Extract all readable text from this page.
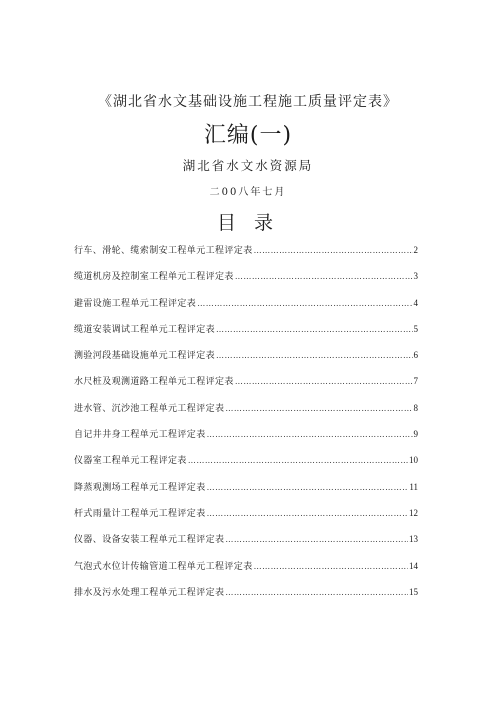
《湖北省水文基础设施工程施工质量评定表》
汇编(一)
湖北省水文水资源局
二00八年七月
目 录
行车、滑轮、缆索制安工程单元工程评定表 ……………………………………………………………………………………………………………………………………………	2
缆道机房及控制室工程单元工程评定表 ……………………………………………………………………………………………………………………………………………	3
避雷设施工程单元工程评定表 ……………………………………………………………………………………………………………………………………………	4
缆道安装调试工程单元工程评定表 ……………………………………………………………………………………………………………………………………………	5
测验河段基础设施单元工程评定表 ……………………………………………………………………………………………………………………………………………	6
水尺桩及观测道路工程单元工程评定表 ……………………………………………………………………………………………………………………………………………	7
进水管、沉沙池工程单元工程评定表 ……………………………………………………………………………………………………………………………………………	8
自记井井身工程单元工程评定表 ……………………………………………………………………………………………………………………………………………	9
仪器室工程单元工程评定表 ……………………………………………………………………………………………………………………………………………	10
降蒸观测场工程单元工程评定表 ……………………………………………………………………………………………………………………………………………	11
杆式雨量计工程单元工程评定表 ……………………………………………………………………………………………………………………………………………	12
仪器、设备安装工程单元工程评定表 ……………………………………………………………………………………………………………………………………………	13
气泡式水位计传输管道工程单元工程评定表 ……………………………………………………………………………………………………………………………………………	14
排水及污水处理工程单元工程评定表 ……………………………………………………………………………………………………………………………………………	15
